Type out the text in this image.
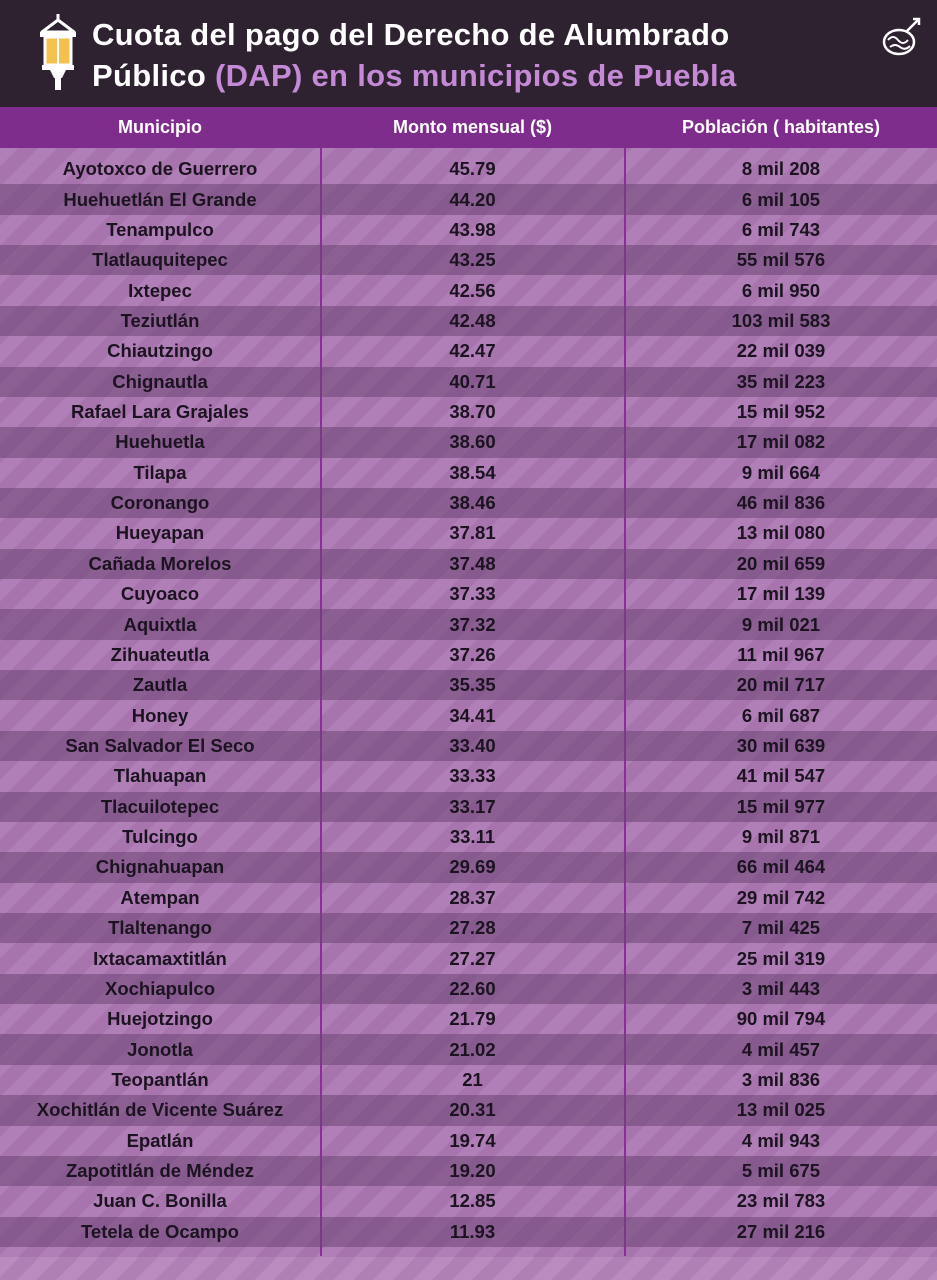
Cuota del pago del Derecho de Alumbrado
Público (DAP) en los municipios de Puebla
Municipio	Monto mensual ($)	Población ( habitantes)
Ayotoxco de Guerrero	45.79	8 mil 208
Huehuetlán El Grande	44.20	6 mil 105
Tenampulco	43.98	6 mil 743
Tlatlauquitepec	43.25	55 mil 576
Ixtepec	42.56	6 mil 950
Teziutlán	42.48	103 mil 583
Chiautzingo	42.47	22 mil 039
Chignautla	40.71	35 mil 223
Rafael Lara Grajales	38.70	15 mil 952
Huehuetla	38.60	17 mil 082
Tilapa	38.54	9 mil 664
Coronango	38.46	46 mil 836
Hueyapan	37.81	13 mil 080
Cañada Morelos	37.48	20 mil 659
Cuyoaco	37.33	17 mil 139
Aquixtla	37.32	9 mil 021
Zihuateutla	37.26	11 mil 967
Zautla	35.35	20 mil 717
Honey	34.41	6 mil 687
San Salvador El Seco	33.40	30 mil 639
Tlahuapan	33.33	41 mil 547
Tlacuilotepec	33.17	15 mil 977
Tulcingo	33.11	9 mil 871
Chignahuapan	29.69	66 mil 464
Atempan	28.37	29 mil 742
Tlaltenango	27.28	7 mil 425
Ixtacamaxtitlán	27.27	25 mil 319
Xochiapulco	22.60	3 mil 443
Huejotzingo	21.79	90 mil 794
Jonotla	21.02	4 mil 457
Teopantlán	21	3 mil 836
Xochitlán de Vicente Suárez	20.31	13 mil 025
Epatlán	19.74	4 mil 943
Zapotitlán de Méndez	19.20	5 mil 675
Juan C. Bonilla	12.85	23 mil 783
Tetela de Ocampo	11.93	27 mil 216
